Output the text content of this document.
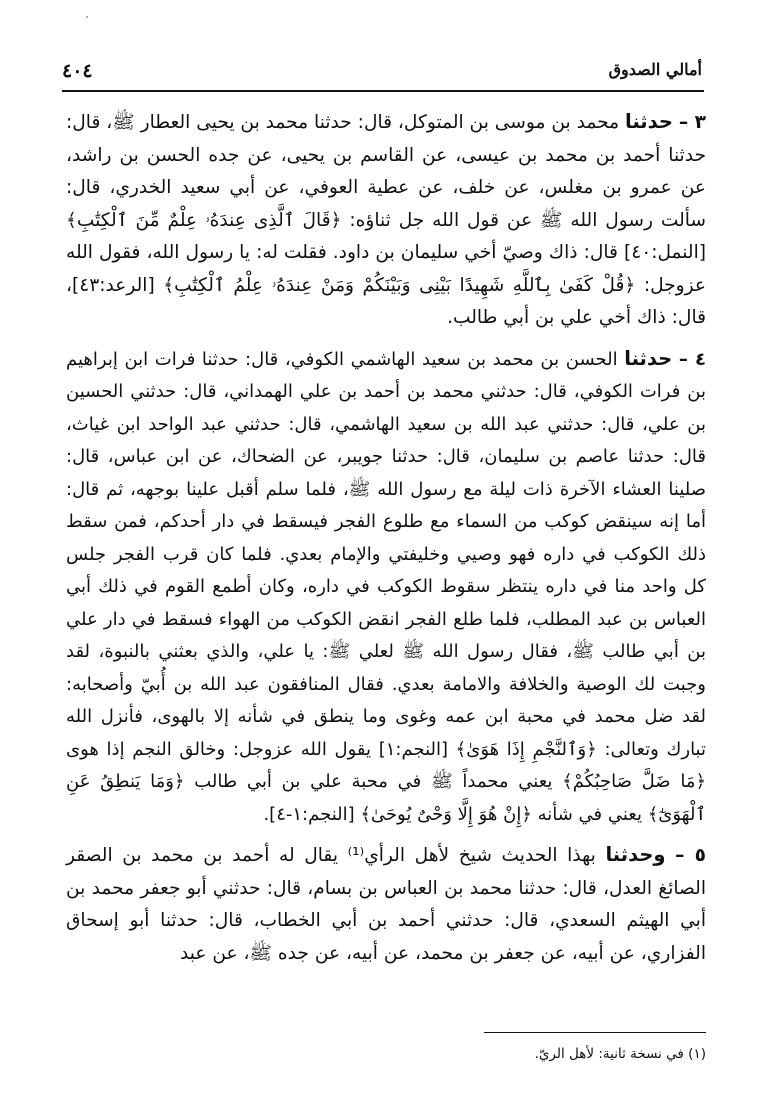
٤٠٤	أمالي الصدوق

٣ – حدثنا محمد بن موسى بن المتوكل، قال: حدثنا محمد بن يحيى العطار ﷺ، قال: حدثنا أحمد بن محمد بن عيسى، عن القاسم بن يحيى، عن جده الحسن بن راشد، عن عمرو بن مغلس، عن خلف، عن عطية العوفي، عن أبي سعيد الخدري، قال: سألت رسول الله ﷺ عن قول الله جل ثناؤه: ﴿قَالَ ٱلَّذِى عِندَهُۥ عِلْمٌ مِّنَ ٱلْكِتَٰبِ﴾ [النمل:٤٠] قال: ذاك وصيّ أخي سليمان بن داود. فقلت له: يا رسول الله، فقول الله عزوجل: ﴿قُلْ كَفَىٰ بِٱللَّهِ شَهِيدًا بَيْنِى وَبَيْنَكُمْ وَمَنْ عِندَهُۥ عِلْمُ ٱلْكِتَٰبِ﴾ [الرعد:٤٣]، قال: ذاك أخي علي بن أبي طالب.

٤ – حدثنا الحسن بن محمد بن سعيد الهاشمي الكوفي، قال: حدثنا فرات ابن إبراهيم بن فرات الكوفي، قال: حدثني محمد بن أحمد بن علي الهمداني، قال: حدثني الحسين بن علي، قال: حدثني عبد الله بن سعيد الهاشمي، قال: حدثني عبد الواحد ابن غياث، قال: حدثنا عاصم بن سليمان، قال: حدثنا جويبر، عن الضحاك، عن ابن عباس، قال: صلينا العشاء الآخرة ذات ليلة مع رسول الله ﷺ، فلما سلم أقبل علينا بوجهه، ثم قال: أما إنه سينقض كوكب من السماء مع طلوع الفجر فيسقط في دار أحدكم، فمن سقط ذلك الكوكب في داره فهو وصيي وخليفتي والإمام بعدي. فلما كان قرب الفجر جلس كل واحد منا في داره ينتظر سقوط الكوكب في داره، وكان أطمع القوم في ذلك أبي العباس بن عبد المطلب، فلما طلع الفجر انقض الكوكب من الهواء فسقط في دار علي بن أبي طالب ﷺ، فقال رسول الله ﷺ لعلي ﷺ: يا علي، والذي بعثني بالنبوة، لقد وجبت لك الوصية والخلافة والامامة بعدي. فقال المنافقون عبد الله بن أُبيّ وأصحابه: لقد ضل محمد في محبة ابن عمه وغوى وما ينطق في شأنه إلا بالهوى، فأنزل الله تبارك وتعالى: ﴿وَٱلنَّجْمِ إِذَا هَوَىٰ﴾ [النجم:١] يقول الله عزوجل: وخالق النجم إذا هوى ﴿مَا ضَلَّ صَاحِبُكُمْ﴾ يعني محمداً ﷺ في محبة علي بن أبي طالب ﴿وَمَا يَنطِقُ عَنِ ٱلْهَوَىٰٓ﴾ يعني في شأنه ﴿إِنْ هُوَ إِلَّا وَحْىٌ يُوحَىٰ﴾ [النجم:١-٤].

٥ – وحدثنا بهذا الحديث شيخ لأهل الرأي⁽¹⁾ يقال له أحمد بن محمد بن الصقر الصائغ العدل، قال: حدثنا محمد بن العباس بن بسام، قال: حدثني أبو جعفر محمد بن أبي الهيثم السعدي، قال: حدثني أحمد بن أبي الخطاب، قال: حدثنا أبو إسحاق الفزاري، عن أبيه، عن جعفر بن محمد، عن أبيه، عن جده ﷺ، عن عبد

(١) في نسخة ثانية: لأهل الريّ.
